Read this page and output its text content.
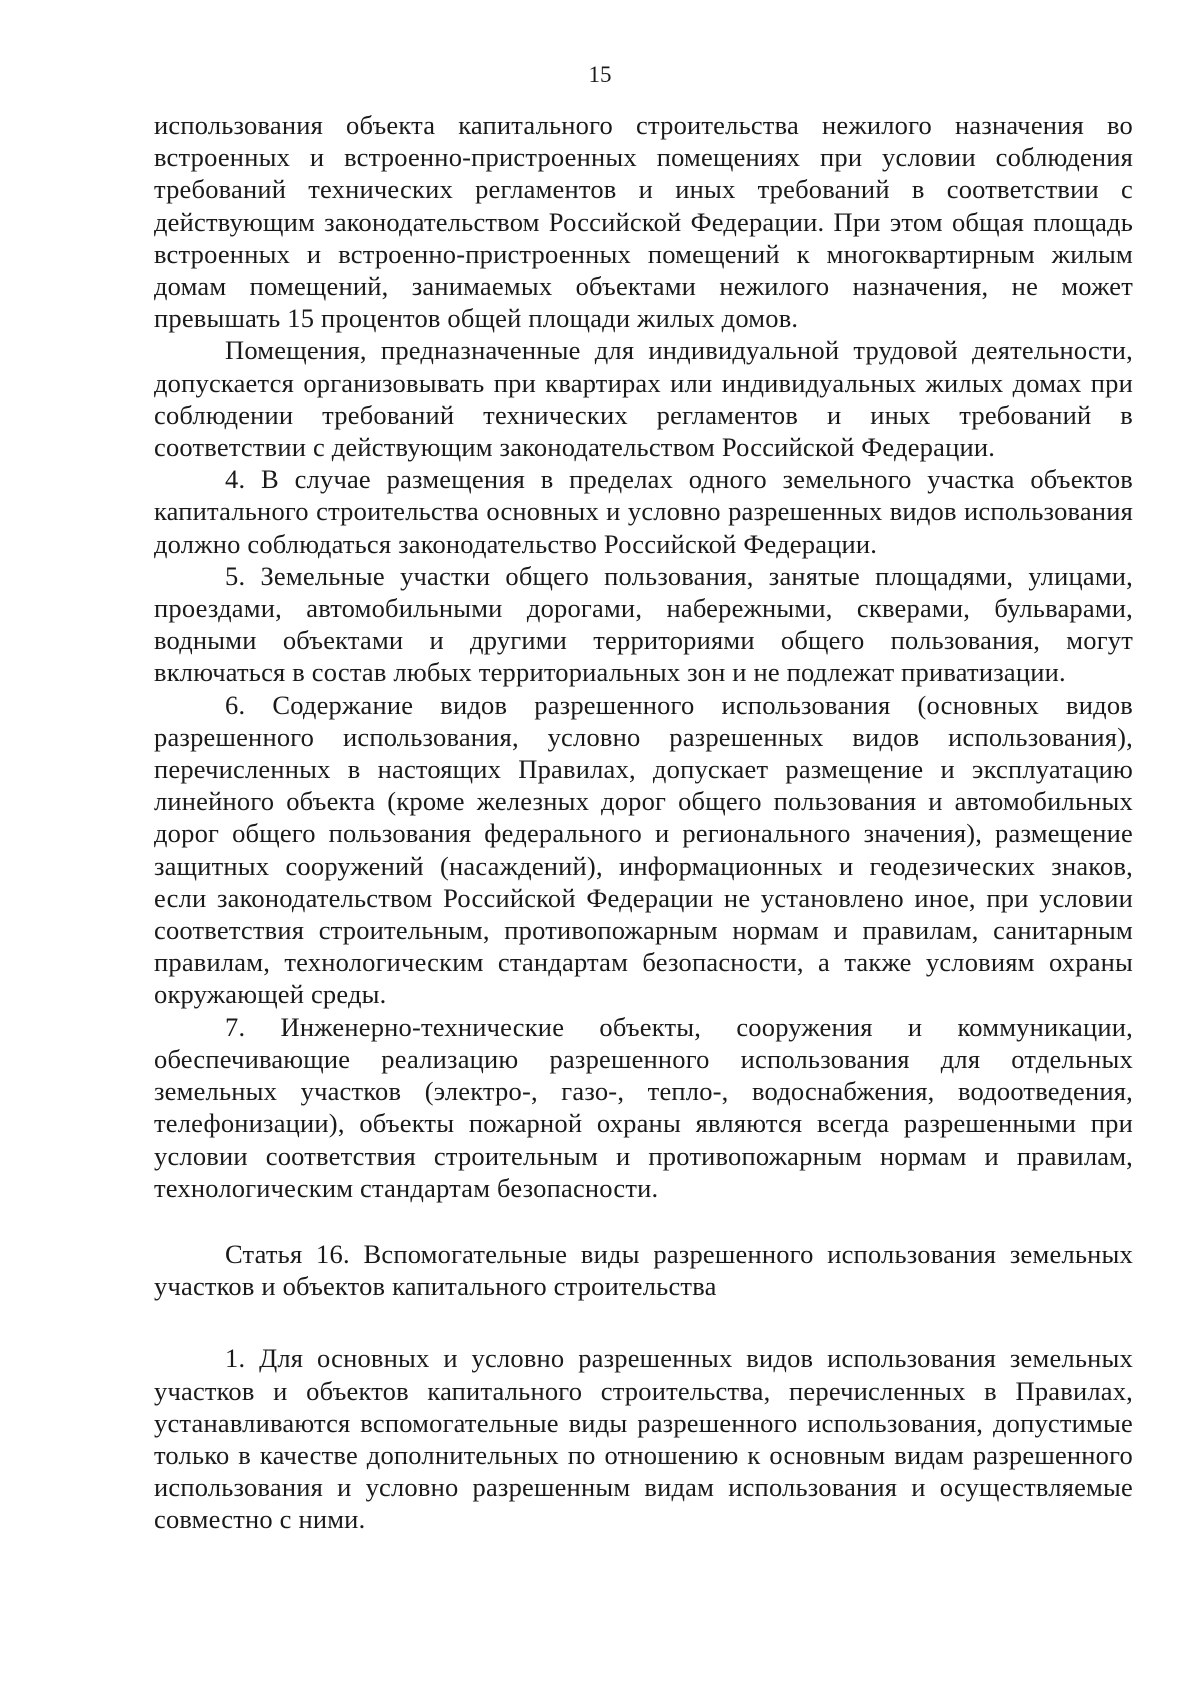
15

использования объекта капитального строительства нежилого назначения во встроенных и встроенно-пристроенных помещениях при условии соблюдения требований технических регламентов и иных требований в соответствии с действующим законодательством Российской Федерации. При этом общая площадь встроенных и встроенно-пристроенных помещений к многоквартирным жилым домам помещений, занимаемых объектами нежилого назначения, не может превышать 15 процентов общей площади жилых домов.

Помещения, предназначенные для индивидуальной трудовой деятельности, допускается организовывать при квартирах или индивидуальных жилых домах при соблюдении требований технических регламентов и иных требований в соответствии с действующим законодательством Российской Федерации.

4. В случае размещения в пределах одного земельного участка объектов капитального строительства основных и условно разрешенных видов использования должно соблюдаться законодательство Российской Федерации.

5. Земельные участки общего пользования, занятые площадями, улицами, проездами, автомобильными дорогами, набережными, скверами, бульварами, водными объектами и другими территориями общего пользования, могут включаться в состав любых территориальных зон и не подлежат приватизации.

6. Содержание видов разрешенного использования (основных видов разрешенного использования, условно разрешенных видов использования), перечисленных в настоящих Правилах, допускает размещение и эксплуатацию линейного объекта (кроме железных дорог общего пользования и автомобильных дорог общего пользования федерального и регионального значения), размещение защитных сооружений (насаждений), информационных и геодезических знаков, если законодательством Российской Федерации не установлено иное, при условии соответствия строительным, противопожарным нормам и правилам, санитарным правилам, технологическим стандартам безопасности, а также условиям охраны окружающей среды.

7. Инженерно-технические объекты, сооружения и коммуникации, обеспечивающие реализацию разрешенного использования для отдельных земельных участков (электро-, газо-, тепло-, водоснабжения, водоотведения, телефонизации), объекты пожарной охраны являются всегда разрешенными при условии соответствия строительным и противопожарным нормам и правилам, технологическим стандартам безопасности.

Статья 16. Вспомогательные виды разрешенного использования земельных участков и объектов капитального строительства

1. Для основных и условно разрешенных видов использования земельных участков и объектов капитального строительства, перечисленных в Правилах, устанавливаются вспомогательные виды разрешенного использования, допустимые только в качестве дополнительных по отношению к основным видам разрешенного использования и условно разрешенным видам использования и осуществляемые совместно с ними.
